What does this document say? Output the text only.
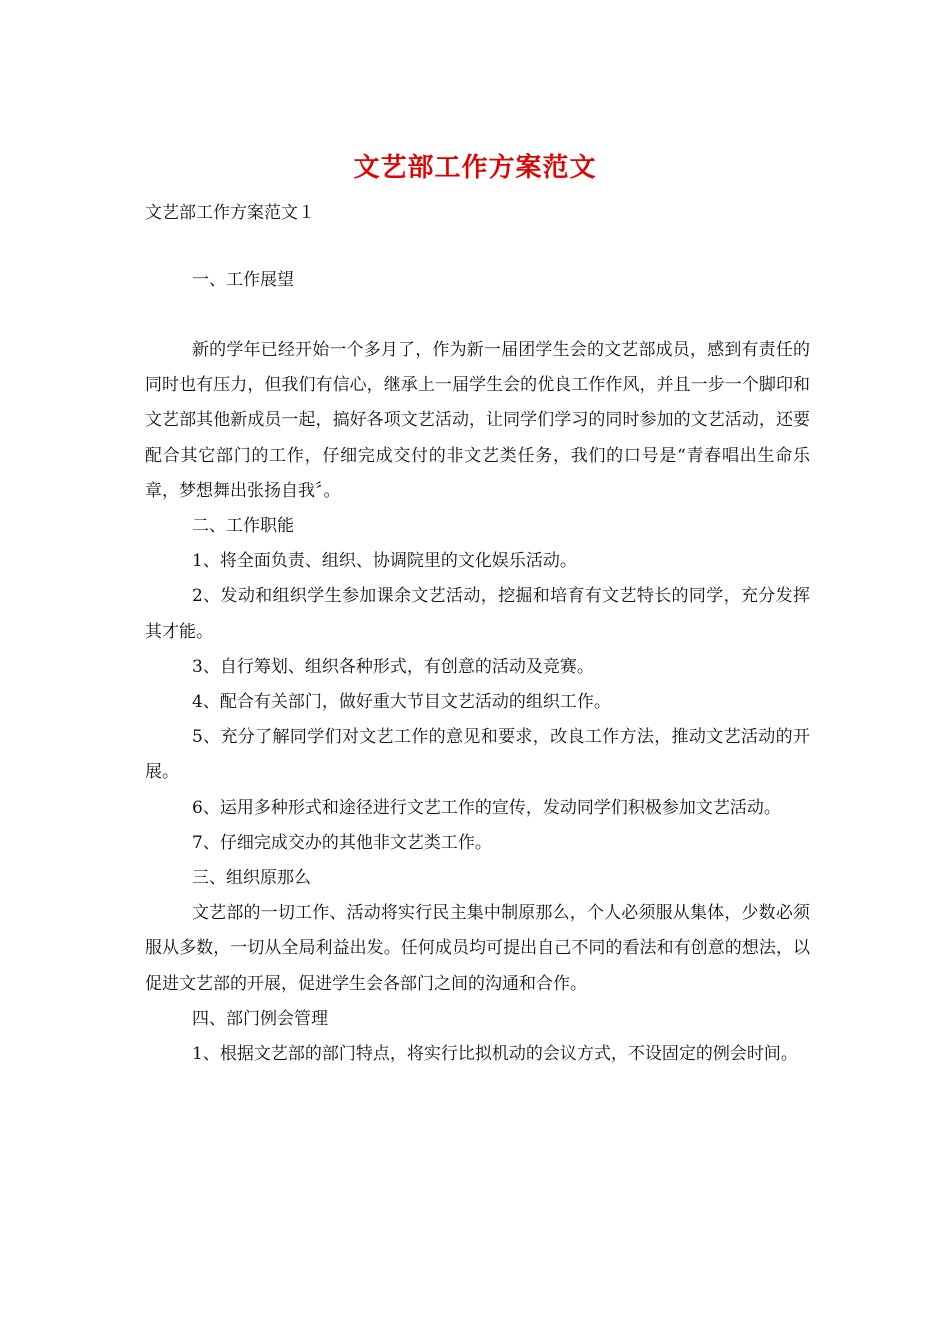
文艺部工作方案范文
文艺部工作方案范文１
一、工作展望

新的学年已经开始一个多月了，作为新一届团学生会的文艺部成员，感到有责任的同时也有压力，但我们有信心，继承上一届学生会的优良工作作风，并且一步一个脚印和文艺部其他新成员一起，搞好各项文艺活动，让同学们学习的同时参加的文艺活动，还要配合其它部门的工作，仔细完成交付的非文艺类任务，我们的口号是“青春唱出生命乐章，梦想舞出张扬自我〞。

二、工作职能

1、将全面负责、组织、协调院里的文化娱乐活动。

2、发动和组织学生参加课余文艺活动，挖掘和培育有文艺特长的同学，充分发挥其才能。

3、自行筹划、组织各种形式，有创意的活动及竞赛。

4、配合有关部门，做好重大节目文艺活动的组织工作。

5、充分了解同学们对文艺工作的意见和要求，改良工作方法，推动文艺活动的开展。

6、运用多种形式和途径进行文艺工作的宣传，发动同学们积极参加文艺活动。

7、仔细完成交办的其他非文艺类工作。

三、组织原那么

文艺部的一切工作、活动将实行民主集中制原那么，个人必须服从集体，少数必须服从多数，一切从全局利益出发。任何成员均可提出自己不同的看法和有创意的想法，以促进文艺部的开展，促进学生会各部门之间的沟通和合作。

四、部门例会管理

1、根据文艺部的部门特点，将实行比拟机动的会议方式，不设固定的例会时间。
